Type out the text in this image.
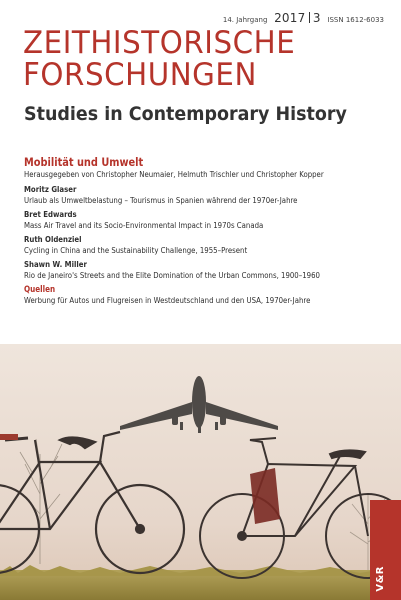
14. Jahrgang 2017 3 ISSN 1612-6033
ZEITHISTORISCHE
FORSCHUNGEN
Studies in Contemporary History
Mobilität und Umwelt
Herausgegeben von Christopher Neumaier, Helmuth Trischler und Christopher Kopper
Moritz Glaser
Urlaub als Umweltbelastung – Tourismus in Spanien während der 1970er-Jahre
Bret Edwards
Mass Air Travel and its Socio-Environmental Impact in 1970s Canada
Ruth Oldenziel
Cycling in China and the Sustainability Challenge, 1955–Present
Shawn W. Miller
Rio de Janeiro's Streets and the Elite Domination of the Urban Commons, 1900–1960
Quellen
Werbung für Autos und Flugreisen in Westdeutschland und den USA, 1970er-Jahre
V&R
